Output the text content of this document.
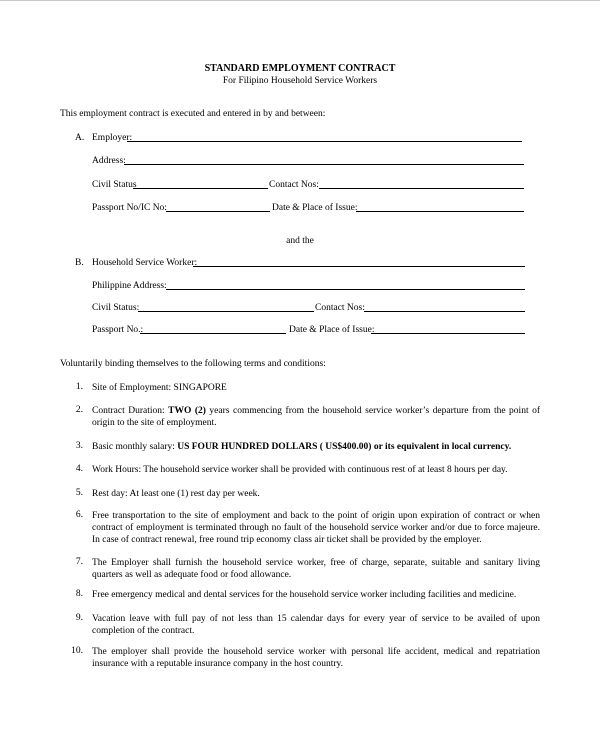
STANDARD EMPLOYMENT CONTRACT
For Filipino Household Service Workers
This employment contract is executed and entered in by and between:
A. Employer:
Address:
Civil Status	Contact Nos:
Passport No/IC No:	Date & Place of Issue:
and the
B. Household Service Worker:
Philippine Address:
Civil Status:	Contact Nos:
Passport No.:	Date & Place of Issue:
Voluntarily binding themselves to the following terms and conditions:
1. Site of Employment: SINGAPORE
2. Contract Duration: TWO (2) years commencing from the household service worker’s departure from the point of origin to the site of employment.
3. Basic monthly salary: US FOUR HUNDRED DOLLARS ( US$400.00) or its equivalent in local currency.
4. Work Hours: The household service worker shall be provided with continuous rest of at least 8 hours per day.
5. Rest day: At least one (1) rest day per week.
6. Free transportation to the site of employment and back to the point of origin upon expiration of contract or when contract of employment is terminated through no fault of the household service worker and/or due to force majeure. In case of contract renewal, free round trip economy class air ticket shall be provided by the employer.
7. The Employer shall furnish the household service worker, free of charge, separate, suitable and sanitary living quarters as well as adequate food or food allowance.
8. Free emergency medical and dental services for the household service worker including facilities and medicine.
9. Vacation leave with full pay of not less than 15 calendar days for every year of service to be availed of upon completion of the contract.
10. The employer shall provide the household service worker with personal life accident, medical and repatriation insurance with a reputable insurance company in the host country.
